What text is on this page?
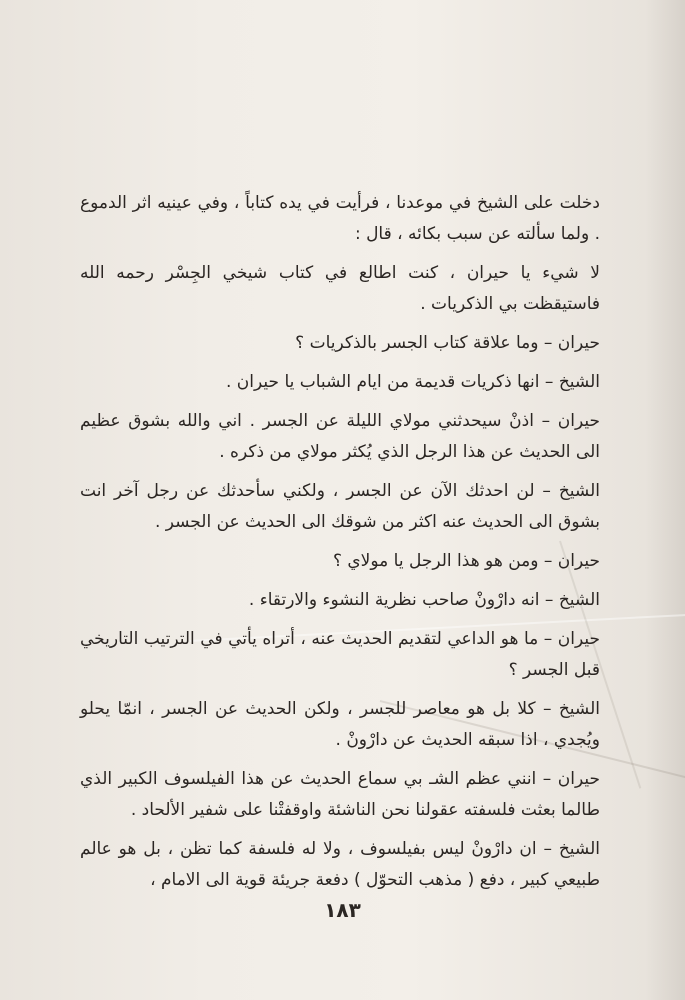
دخلت على الشيخ في موعدنا ، فرأيت في يده كتاباً ، وفي عينيه اثر الدموع . ولما سألته عن سبب بكائه ، قال :

لا شيء يا حيران ، كنت اطالع في كتاب شيخي الجِسْر رحمه الله فاستيقظت بي الذكريات .

حيران – وما علاقة كتاب الجسر بالذكريات ؟

الشيخ – انها ذكريات قديمة من ايام الشباب يا حيران .

حيران – اذنْ سيحدثني مولاي الليلة عن الجسر . اني والله بشوق عظيم الى الحديث عن هذا الرجل الذي يُكثر مولاي من ذكره .

الشيخ – لن احدثك الآن عن الجسر ، ولكني سأحدثك عن رجل آخر انت بشوق الى الحديث عنه اكثر من شوقك الى الحديث عن الجسر .

حيران – ومن هو هذا الرجل يا مولاي ؟

الشيخ – انه دارْونْ صاحب نظرية النشوء والارتقاء .

حيران – ما هو الداعي لتقديم الحديث عنه ، أتراه يأتي في الترتيب التاريخي قبل الجسر ؟

الشيخ – كلا بل هو معاصر للجسر ، ولكن الحديث عن الجسر ، انمّا يحلو ويُجدي ، اذا سبقه الحديث عن دارْونْ .

حيران – انني عظم الشـ بي سماع الحديث عن هذا الفيلسوف الكبير الذي طالما بعثت فلسفته عقولنا نحن الناشئة واوقفتْنا على شفير الألحاد .

الشيخ – ان دارْونْ ليس بفيلسوف ، ولا له فلسفة كما تظن ، بل هو عالم طبيعي كبير ، دفع ( مذهب التحوّل ) دفعة جريئة قوية الى الامام ،

١٨٣
